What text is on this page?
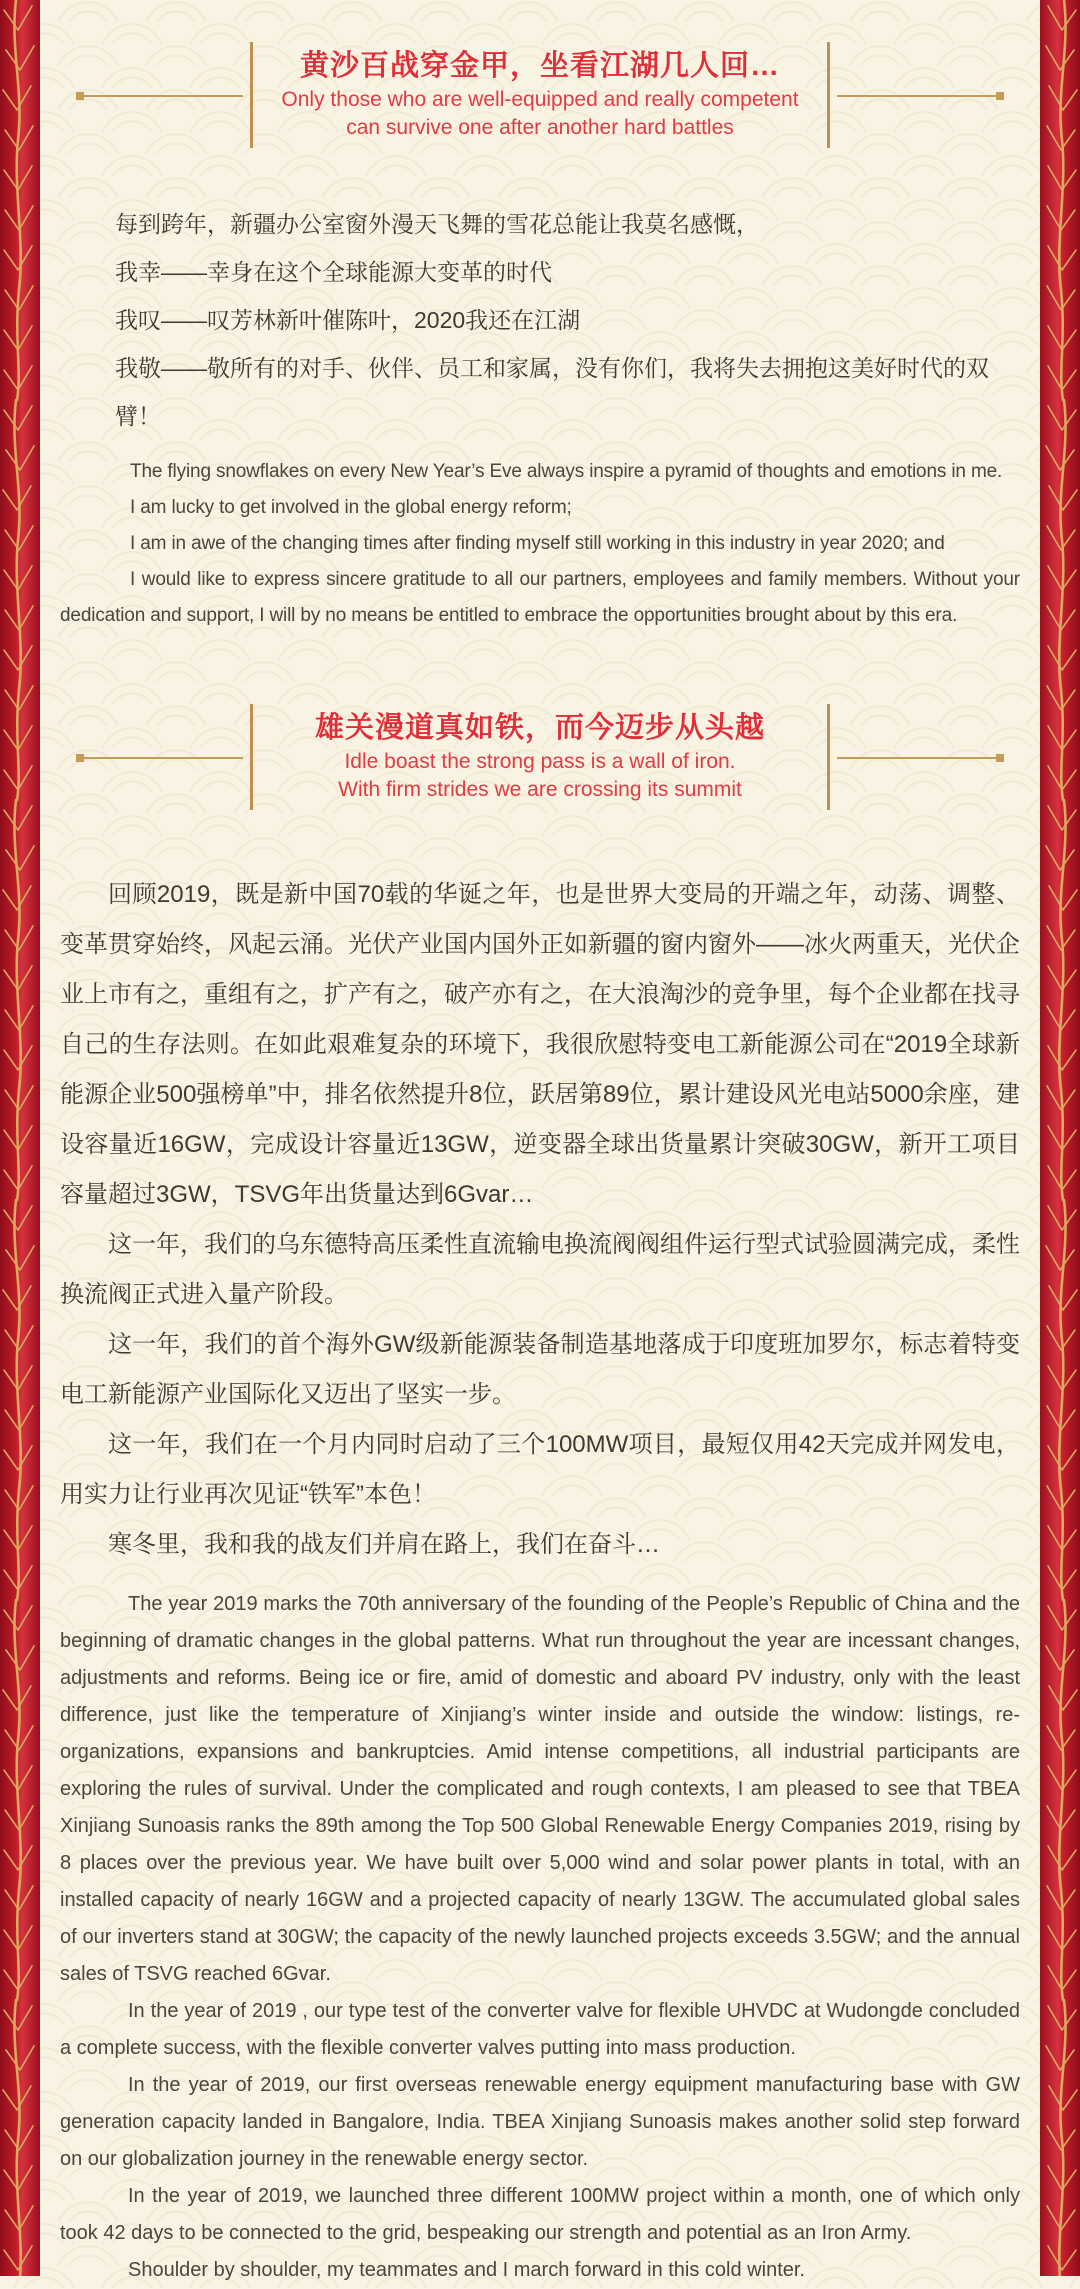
黄沙百战穿金甲，坐看江湖几人回…
Only those who are well-equipped and really competent
can survive one after another hard battles
每到跨年，新疆办公室窗外漫天飞舞的雪花总能让我莫名感慨，
我幸——幸身在这个全球能源大变革的时代
我叹——叹芳林新叶催陈叶，2020我还在江湖
我敬——敬所有的对手、伙伴、员工和家属，没有你们，我将失去拥抱这美好时代的双臂！

The flying snowflakes on every New Year’s Eve always inspire a pyramid of thoughts and emotions in me.

I am lucky to get involved in the global energy reform;

I am in awe of the changing times after finding myself still working in this industry in year 2020; and

I would like to express sincere gratitude to all our partners, employees and family members. Without your dedication and support, I will by no means be entitled to embrace the opportunities brought about by this era.

雄关漫道真如铁，而今迈步从头越
Idle boast the strong pass is a wall of iron.
With firm strides we are crossing its summit

回顾2019，既是新中国70载的华诞之年，也是世界大变局的开端之年，动荡、调整、变革贯穿始终，风起云涌。光伏产业国内国外正如新疆的窗内窗外——冰火两重天，光伏企业上市有之，重组有之，扩产有之，破产亦有之，在大浪淘沙的竞争里，每个企业都在找寻自己的生存法则。在如此艰难复杂的环境下，我很欣慰特变电工新能源公司在“2019全球新能源企业500强榜单”中，排名依然提升8位，跃居第89位，累计建设风光电站5000余座，建设容量近16GW，完成设计容量近13GW，逆变器全球出货量累计突破30GW，新开工项目容量超过3GW，TSVG年出货量达到6Gvar…

这一年，我们的乌东德特高压柔性直流输电换流阀阀组件运行型式试验圆满完成，柔性换流阀正式进入量产阶段。

这一年，我们的首个海外GW级新能源装备制造基地落成于印度班加罗尔，标志着特变电工新能源产业国际化又迈出了坚实一步。

这一年，我们在一个月内同时启动了三个100MW项目，最短仅用42天完成并网发电，用实力让行业再次见证“铁军”本色！

寒冬里，我和我的战友们并肩在路上，我们在奋斗…

The year 2019 marks the 70th anniversary of the founding of the People’s Republic of China and the beginning of dramatic changes in the global patterns. What run throughout the year are incessant changes, adjustments and reforms. Being ice or fire, amid of domestic and aboard PV industry, only with the least difference, just like the temperature of Xinjiang’s winter inside and outside the window: listings, re-organizations, expansions and bankruptcies. Amid intense competitions, all industrial participants are exploring the rules of survival. Under the complicated and rough contexts, I am pleased to see that TBEA Xinjiang Sunoasis ranks the 89th among the Top 500 Global Renewable Energy Companies 2019, rising by 8 places over the previous year. We have built over 5,000 wind and solar power plants in total, with an installed capacity of nearly 16GW and a projected capacity of nearly 13GW. The accumulated global sales of our inverters stand at 30GW; the capacity of the newly launched projects exceeds 3.5GW; and the annual sales of TSVG reached 6Gvar.

In the year of 2019 , our type test of the converter valve for flexible UHVDC at Wudongde concluded a complete success, with the flexible converter valves putting into mass production.

In the year of 2019, our first overseas renewable energy equipment manufacturing base with GW generation capacity landed in Bangalore, India. TBEA Xinjiang Sunoasis makes another solid step forward on our globalization journey in the renewable energy sector.

In the year of 2019, we launched three different 100MW project within a month, one of which only took 42 days to be connected to the grid, bespeaking our strength and potential as an Iron Army.

Shoulder by shoulder, my teammates and I march forward in this cold winter.
